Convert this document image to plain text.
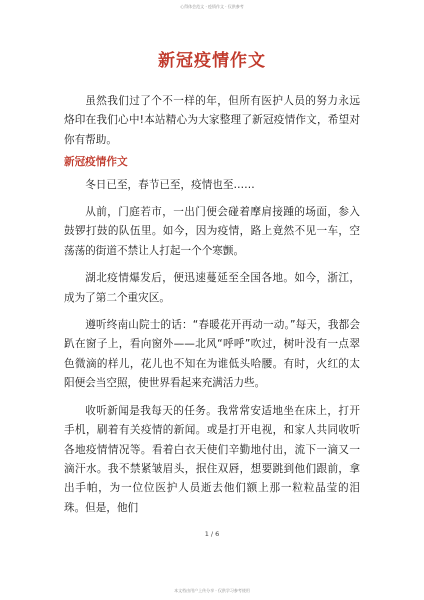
心得体会范文 · 疫情作文 · 仅供参考
新冠疫情作文

虽然我们过了个不一样的年，但所有医护人员的努力永远烙印在我们心中!本站精心为大家整理了新冠疫情作文，希望对你有帮助。

新冠疫情作文

冬日已至，春节已至，疫情也至……

从前，门庭若市，一出门便会碰着摩肩接踵的场面，参入鼓锣打鼓的队伍里。如今，因为疫情，路上竟然不见一车，空荡荡的街道不禁让人打起一个个寒颤。

湖北疫情爆发后，便迅速蔓延至全国各地。如今，浙江，成为了第二个重灾区。

遵听终南山院士的话：“春暖花开再动一动。”每天，我都会趴在窗子上，看向窗外——北风“呼呼”吹过，树叶没有一点翠色微滴的样儿，花儿也不知在为谁低头哈腰。有时，火红的太阳便会当空照，使世界看起来充满活力些。

收听新闻是我每天的任务。我常常安适地坐在床上，打开手机，刷着有关疫情的新闻。或是打开电视，和家人共同收听各地疫情情况等。看着白衣天使们辛勤地付出，流下一滴又一滴汗水。我不禁紧皱眉头，抿住双唇，想要跳到他们跟前，拿出手帕，为一位位医护人员逝去他们额上那一粒粒晶莹的泪珠。但是，他们

1 / 6
本文档由用户上传分享 · 仅供学习参考使用
